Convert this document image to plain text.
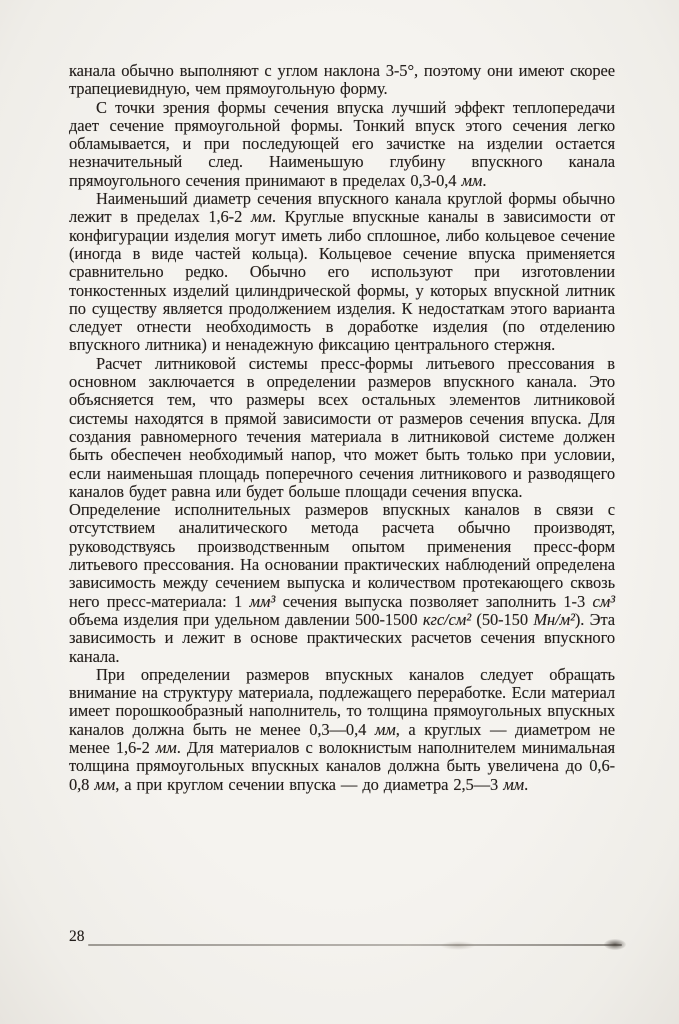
канала обычно выполняют с углом наклона 3-5°, поэтому они имеют скорее трапециевидную, чем прямоугольную форму.

С точки зрения формы сечения впуска лучший эффект теплопередачи дает сечение прямоугольной формы. Тонкий впуск этого сечения легко обламывается, и при последующей его зачистке на изделии остается незначительный след. Наименьшую глубину впускного канала прямоугольного сечения принимают в пределах 0,3-0,4 мм.

Наименьший диаметр сечения впускного канала круглой формы обычно лежит в пределах 1,6-2 мм. Круглые впускные каналы в зависимости от конфигурации изделия могут иметь либо сплошное, либо кольцевое сечение (иногда в виде частей кольца). Кольцевое сечение впуска применяется сравнительно редко. Обычно его используют при изготовлении тонкостенных изделий цилиндрической формы, у которых впускной литник по существу является продолжением изделия. К недостаткам этого варианта следует отнести необходимость в доработке изделия (по отделению впускного литника) и ненадежную фиксацию центрального стержня.

Расчет литниковой системы пресс-формы литьевого прессования в основном заключается в определении размеров впускного канала. Это объясняется тем, что размеры всех остальных элементов литниковой системы находятся в прямой зависимости от размеров сечения впуска. Для создания равномерного течения материала в литниковой системе должен быть обеспечен необходимый напор, что может быть только при условии, если наименьшая площадь поперечного сечения литникового и разводящего каналов будет равна или будет больше площади сечения впуска.

Определение исполнительных размеров впускных каналов в связи с отсутствием аналитического метода расчета обычно производят, руководствуясь производственным опытом применения пресс-форм литьевого прессования. На основании практических наблюдений определена зависимость между сечением выпуска и количеством протекающего сквозь него пресс-материала: 1 мм³ сечения выпуска позволяет заполнить 1-3 см³ объема изделия при удельном давлении 500-1500 кгс/см² (50-150 Мн/м²). Эта зависимость и лежит в основе практических расчетов сечения впускного канала.

При определении размеров впускных каналов следует обращать внимание на структуру материала, подлежащего переработке. Если материал имеет порошкообразный наполнитель, то толщина прямоугольных впускных каналов должна быть не менее 0,3—0,4 мм, а круглых — диаметром не менее 1,6-2 мм. Для материалов с волокнистым наполнителем минимальная толщина прямоугольных впускных каналов должна быть увеличена до 0,6-0,8 мм, а при круглом сечении впуска — до диаметра 2,5—3 мм.

28
